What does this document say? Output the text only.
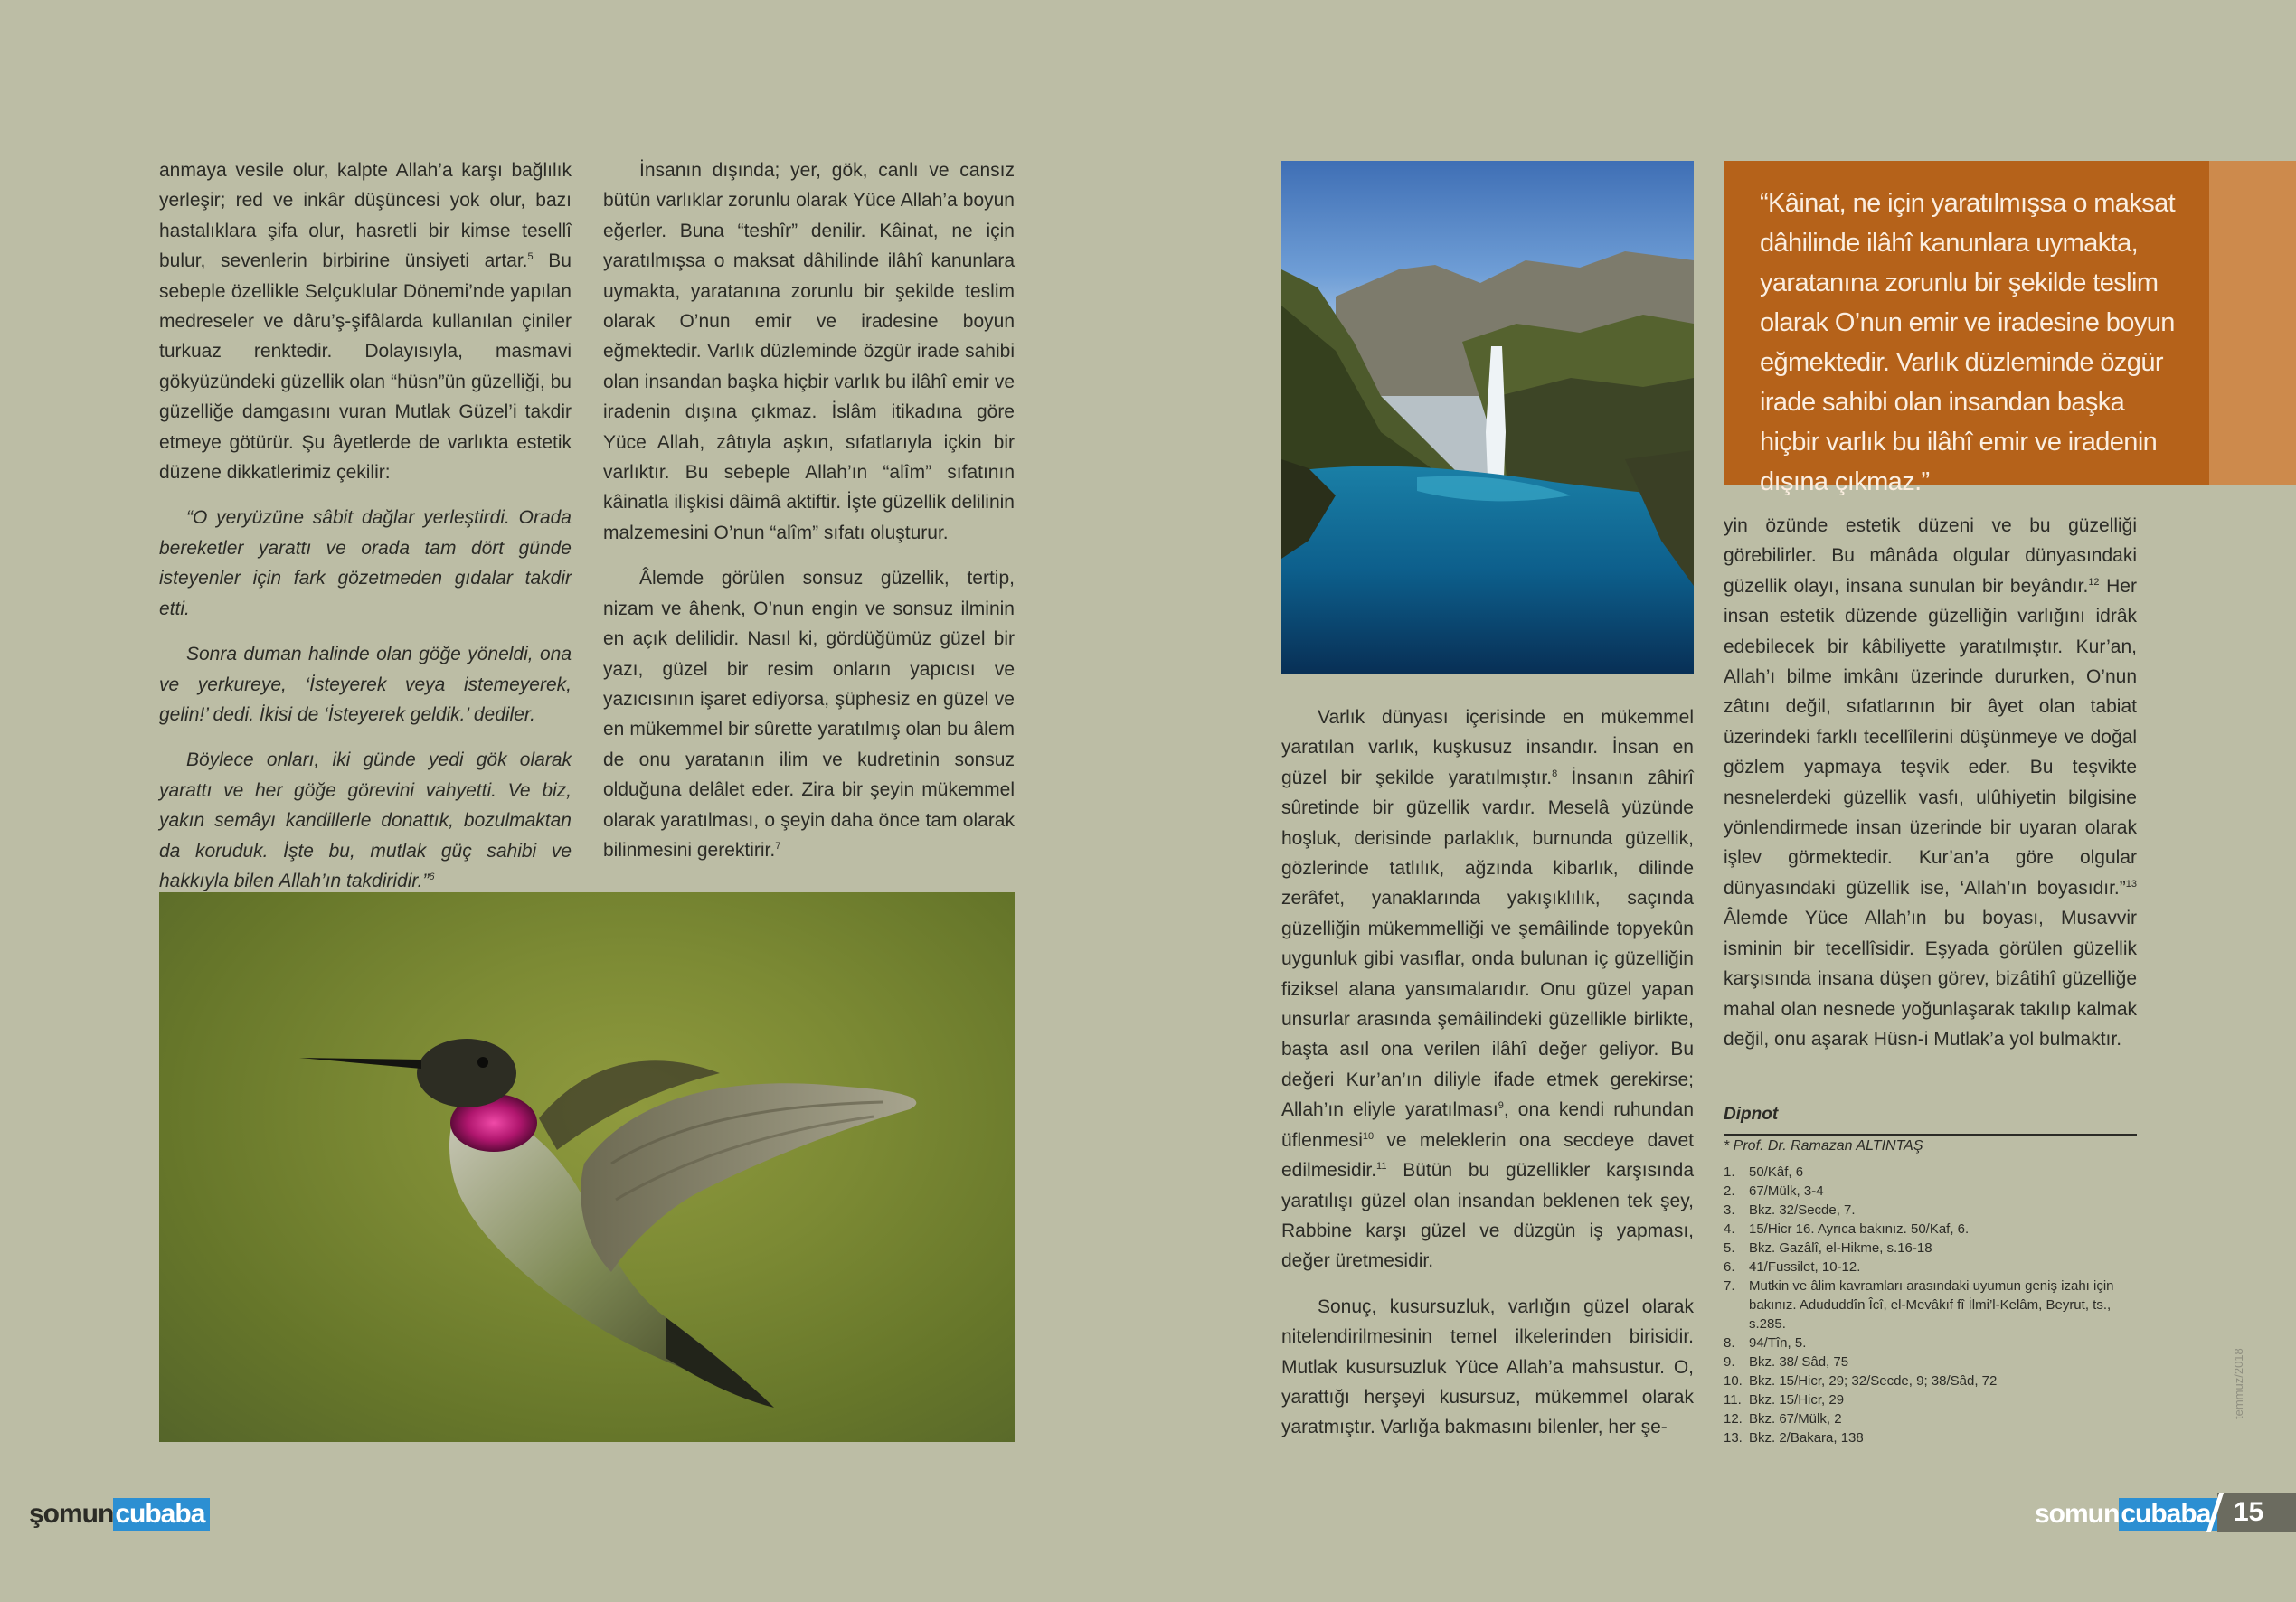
anmaya vesile olur, kalpte Allah’a karşı bağlılık yerleşir; red ve inkâr düşüncesi yok olur, bazı hastalıklara şifa olur, hasretli bir kimse tesellî bulur, sevenlerin birbirine ünsiyeti artar.$^5$ Bu sebeple özellikle Selçuklular Dönemi’nde yapılan medreseler ve dâru’ş-şifâlarda kullanılan çiniler turkuaz renktedir. Dolayısıyla, masmavi gökyüzündeki güzellik olan “hüsn”ün güzelliği, bu güzelliğe damgasını vuran Mutlak Güzel’i takdir etmeye götürür. Şu âyetlerde de varlıkta estetik düzene dikkatlerimiz çekilir:

“O yeryüzüne sâbit dağlar yerleştirdi. Orada bereketler yarattı ve orada tam dört günde isteyenler için fark gözetmeden gıdalar takdir etti.

Sonra duman halinde olan göğe yöneldi, ona ve yerkureye, ‘İsteyerek veya istemeyerek, gelin!’ dedi. İkisi de ‘İsteyerek geldik.’ dediler.

Böylece onları, iki günde yedi gök olarak yarattı ve her göğe görevini vahyetti. Ve biz, yakın semâyı kandillerle donattık, bozulmaktan da koruduk. İşte bu, mutlak güç sahibi ve hakkıyla bilen Allah’ın takdiridir.”$^6$

İnsanın dışında; yer, gök, canlı ve cansız bütün varlıklar zorunlu olarak Yüce Allah’a boyun eğerler. Buna “teshîr” denilir. Kâinat, ne için yaratılmışsa o maksat dâhilinde ilâhî kanunlara uymakta, yaratanına zorunlu bir şekilde teslim olarak O’nun emir ve iradesine boyun eğmektedir. Varlık düzleminde özgür irade sahibi olan insandan başka hiçbir varlık bu ilâhî emir ve iradenin dışına çıkmaz. İslâm itikadına göre Yüce Allah, zâtıyla aşkın, sıfatlarıyla içkin bir varlıktır. Bu sebeple Allah’ın “alîm” sıfatının kâinatla ilişkisi dâimâ aktiftir. İşte güzellik delilinin malzemesini O’nun “alîm” sıfatı oluşturur.

Âlemde görülen sonsuz güzellik, tertip, nizam ve âhenk, O’nun engin ve sonsuz ilminin en açık delilidir. Nasıl ki, gördüğümüz güzel bir yazı, güzel bir resim onların yapıcısı ve yazıcısının işaret ediyorsa, şüphesiz en güzel ve en mükemmel bir sûrette yaratılmış olan bu âlem de onu yaratanın ilim ve kudretinin sonsuz olduğuna delâlet eder. Zira bir şeyin mükemmel olarak yaratılması, o şeyin daha önce tam olarak bilinmesini gerektirir.$^7$

“Kâinat, ne için yaratılmışsa o maksat dâhilinde ilâhî kanunlara uymakta, yaratanına zorunlu bir şekilde teslim olarak O’nun emir ve iradesine boyun eğmektedir. Varlık düzleminde özgür irade sahibi olan insandan başka hiçbir varlık bu ilâhî emir ve iradenin dışına çıkmaz.”

Varlık dünyası içerisinde en mükemmel yaratılan varlık, kuşkusuz insandır. İnsan en güzel bir şekilde yaratılmıştır.$^8$ İnsanın zâhirî sûretinde bir güzellik vardır. Meselâ yüzünde hoşluk, derisinde parlaklık, burnunda güzellik, gözlerinde tatlılık, ağzında kibarlık, dilinde zerâfet, yanaklarında yakışıklılık, saçında güzelliğin mükemmelliği ve şemâilinde topyekûn uygunluk gibi vasıflar, onda bulunan iç güzelliğin fiziksel alana yansımalarıdır. Onu güzel yapan unsurlar arasında şemâilindeki güzellikle birlikte, başta asıl ona verilen ilâhî değer geliyor. Bu değeri Kur’an’ın diliyle ifade etmek gerekirse; Allah’ın eliyle yaratılması$^9$, ona kendi ruhundan üflenmesi$^{10}$ ve meleklerin ona secdeye davet edilmesidir.$^{11}$ Bütün bu güzellikler karşısında yaratılışı güzel olan insandan beklenen tek şey, Rabbine karşı güzel ve düzgün iş yapması, değer üretmesidir.

Sonuç, kusursuzluk, varlığın güzel olarak nitelendirilmesinin temel ilkelerinden birisidir. Mutlak kusursuzluk Yüce Allah’a mahsustur. O, yarattığı herşeyi kusursuz, mükemmel olarak yaratmıştır. Varlığa bakmasını bilenler, her şe-

yin özünde estetik düzeni ve bu güzelliği görebilirler. Bu mânâda olgular dünyasındaki güzellik olayı, insana sunulan bir beyândır.$^{12}$ Her insan estetik düzende güzelliğin varlığını idrâk edebilecek bir kâbiliyette yaratılmıştır. Kur’an, Allah’ı bilme imkânı üzerinde dururken, O’nun zâtını değil, sıfatlarının bir âyet olan tabiat üzerindeki farklı tecellîlerini düşünmeye ve doğal gözlem yapmaya teşvik eder. Bu teşvikte nesnelerdeki güzellik vasfı, ulûhiyetin bilgisine yönlendirmede insan üzerinde bir uyaran olarak işlev görmektedir. Kur’an’a göre olgular dünyasındaki güzellik ise, ‘Allah’ın boyasıdır.”$^{13}$ Âlemde Yüce Allah’ın bu boyası, Musavvir isminin bir tecellîsidir. Eşyada görülen güzellik karşısında insana düşen görev, bizâtihî güzelliğe mahal olan nesnede yoğunlaşarak takılıp kalmak değil, onu aşarak Hüsn-i Mutlak’a yol bulmaktır.

Dipnot
* Prof. Dr. Ramazan ALTINTAŞ
1.	50/Kâf, 6
2.	67/Mülk, 3-4
3.	Bkz. 32/Secde, 7.
4.	15/Hicr 16. Ayrıca bakınız. 50/Kaf, 6.
5.	Bkz. Gazâlî, el-Hikme, s.16-18
6.	41/Fussilet, 10-12.
7.	Mutkin ve âlim kavramları arasındaki uyumun geniş izahı için bakınız. Adududdîn Îcî, el-Mevâkıf fî İlmi’l-Kelâm, Beyrut, ts., s.285.
8.	94/Tîn, 5.
9.	Bkz. 38/ Sâd, 75
10. Bkz. 15/Hicr, 29; 32/Secde, 9; 38/Sâd, 72
11. Bkz. 15/Hicr, 29
12. Bkz. 67/Mülk, 2
13. Bkz. 2/Bakara, 138
şomun cubaba
temmuz/2018
somun cubaba 15
